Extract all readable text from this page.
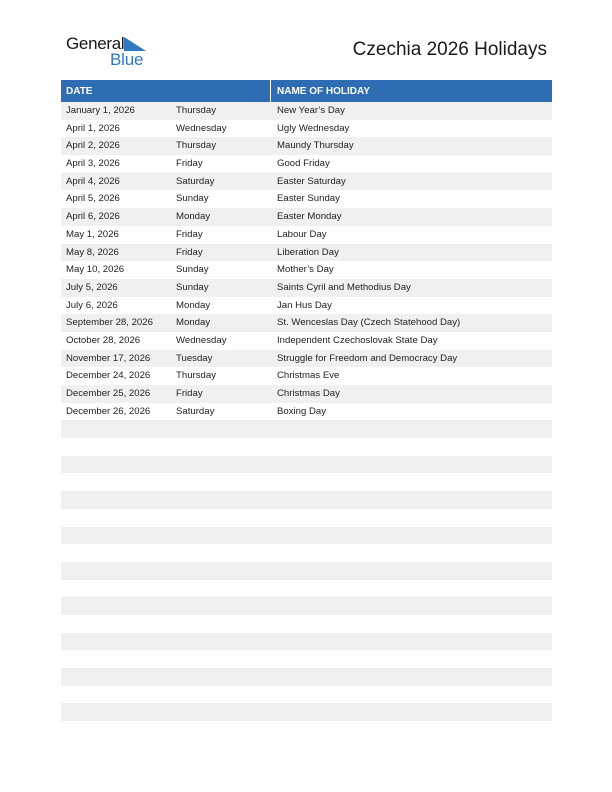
General
Blue	Czechia 2026 Holidays
DATE	NAME OF HOLIDAY
January 1, 2026	Thursday	New Year’s Day
April 1, 2026	Wednesday	Ugly Wednesday
April 2, 2026	Thursday	Maundy Thursday
April 3, 2026	Friday	Good Friday
April 4, 2026	Saturday	Easter Saturday
April 5, 2026	Sunday	Easter Sunday
April 6, 2026	Monday	Easter Monday
May 1, 2026	Friday	Labour Day
May 8, 2026	Friday	Liberation Day
May 10, 2026	Sunday	Mother’s Day
July 5, 2026	Sunday	Saints Cyril and Methodius Day
July 6, 2026	Monday	Jan Hus Day
September 28, 2026 Monday	St. Wenceslas Day (Czech Statehood Day)
October 28, 2026	Wednesday	Independent Czechoslovak State Day
November 17, 2026	Tuesday	Struggle for Freedom and Democracy Day
December 24, 2026	Thursday	Christmas Eve
December 25, 2026	Friday	Christmas Day
December 26, 2026	Saturday	Boxing Day
